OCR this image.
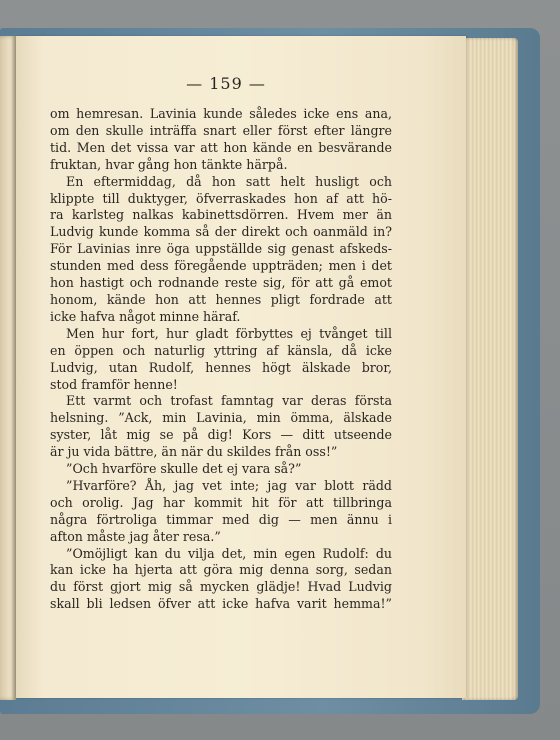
— 159 —
om hemresan. Lavinia kunde således icke ens ana,
om den skulle inträffa snart eller först efter längre
tid. Men det vissa var att hon kände en besvärande
fruktan, hvar gång hon tänkte härpå.
En eftermiddag, då hon satt helt husligt och
klippte till duktyger, öfverraskades hon af att hö-
ra karlsteg nalkas kabinettsdörren. Hvem mer än
Ludvig kunde komma så der direkt och oanmäld in?
För Lavinias inre öga uppställde sig genast afskeds-
stunden med dess föregående uppträden; men i det
hon hastigt och rodnande reste sig, för att gå emot
honom, kände hon att hennes pligt fordrade att
icke hafva något minne häraf.
Men hur fort, hur gladt förbyttes ej tvånget till
en öppen och naturlig yttring af känsla, då icke
Ludvig, utan Rudolf, hennes högt älskade bror,
stod framför henne!
Ett varmt och trofast famntag var deras första
helsning. ”Ack, min Lavinia, min ömma, älskade
syster, låt mig se på dig! Kors — ditt utseende
är ju vida bättre, än när du skildes från oss!”
”Och hvarföre skulle det ej vara så?”
”Hvarföre? Åh, jag vet inte; jag var blott rädd
och orolig. Jag har kommit hit för att tillbringa
några förtroliga timmar med dig — men ännu i
afton måste jag åter resa.”
”Omöjligt kan du vilja det, min egen Rudolf: du
kan icke ha hjerta att göra mig denna sorg, sedan
du först gjort mig så mycken glädje! Hvad Ludvig
skall bli ledsen öfver att icke hafva varit hemma!”
